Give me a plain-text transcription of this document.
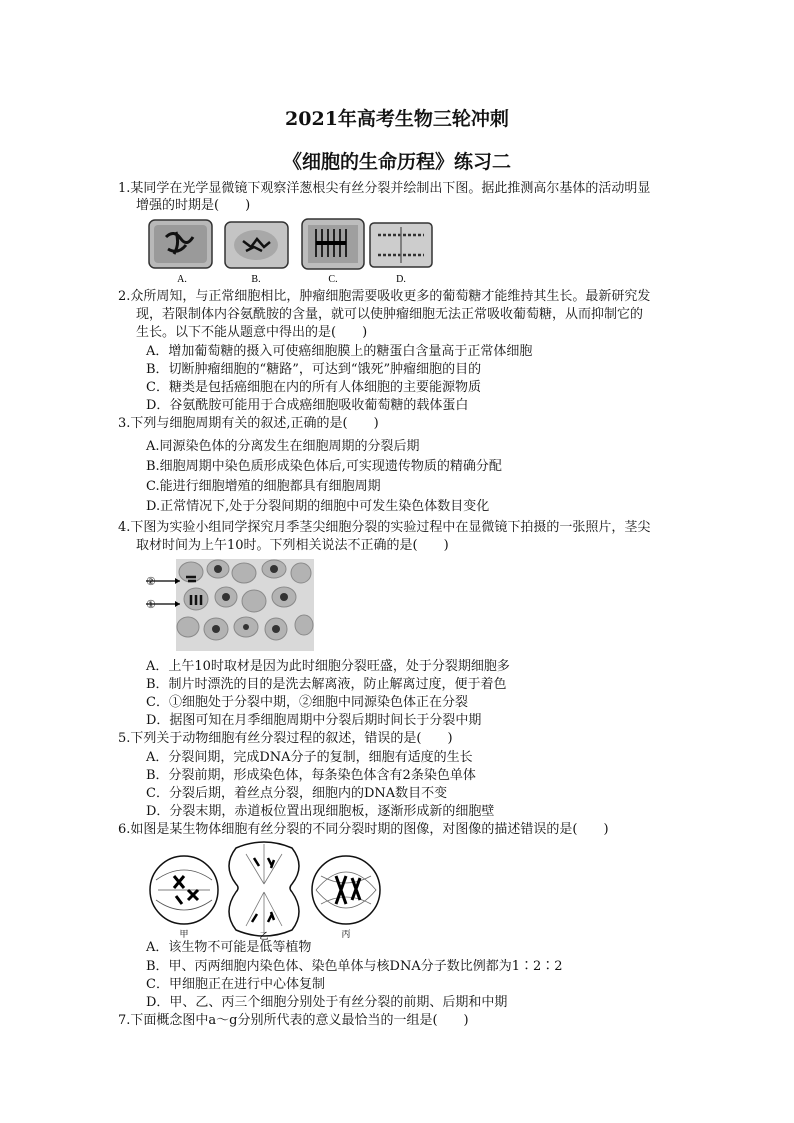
2021年高考生物三轮冲刺
《细胞的生命历程》练习二
1.某同学在光学显微镜下观察洋葱根尖有丝分裂并绘制出下图。据此推测高尔基体的活动明显
增强的时期是(　　)
A.	B.	C.	D.
2.众所周知，与正常细胞相比，肿瘤细胞需要吸收更多的葡萄糖才能维持其生长。最新研究发
现，若限制体内谷氨酰胺的含量，就可以使肿瘤细胞无法正常吸收葡萄糖，从而抑制它的
生长。以下不能从题意中得出的是(　　)
A．增加葡萄糖的摄入可使癌细胞膜上的糖蛋白含量高于正常体细胞
B．切断肿瘤细胞的“糖路”，可达到“饿死”肿瘤细胞的目的
C．糖类是包括癌细胞在内的所有人体细胞的主要能源物质
D．谷氨酰胺可能用于合成癌细胞吸收葡萄糖的载体蛋白
3.下列与细胞周期有关的叙述,正确的是(　　)
A.同源染色体的分离发生在细胞周期的分裂后期
B.细胞周期中染色质形成染色体后,可实现遗传物质的精确分配
C.能进行细胞增殖的细胞都具有细胞周期
D.正常情况下,处于分裂间期的细胞中可发生染色体数目变化
4.下图为实验小组同学探究月季茎尖细胞分裂的实验过程中在显微镜下拍摄的一张照片，茎尖
取材时间为上午10时。下列相关说法不正确的是(　　)
②
①
A．上午10时取材是因为此时细胞分裂旺盛，处于分裂期细胞多
B．制片时漂洗的目的是洗去解离液，防止解离过度，便于着色
C．①细胞处于分裂中期，②细胞中同源染色体正在分裂
D．据图可知在月季细胞周期中分裂后期时间长于分裂中期
5.下列关于动物细胞有丝分裂过程的叙述，错误的是(　　)
A．分裂间期，完成DNA分子的复制，细胞有适度的生长
B．分裂前期，形成染色体，每条染色体含有2条染色单体
C．分裂后期，着丝点分裂，细胞内的DNA数目不变
D．分裂末期，赤道板位置出现细胞板，逐渐形成新的细胞壁
6.如图是某生物体细胞有丝分裂的不同分裂时期的图像，对图像的描述错误的是(　　)
甲	乙	丙
A．该生物不可能是低等植物
B．甲、丙两细胞内染色体、染色单体与核DNA分子数比例都为1∶2∶2
C．甲细胞正在进行中心体复制
D．甲、乙、丙三个细胞分别处于有丝分裂的前期、后期和中期
7.下面概念图中a～g分别所代表的意义最恰当的一组是(　　)
